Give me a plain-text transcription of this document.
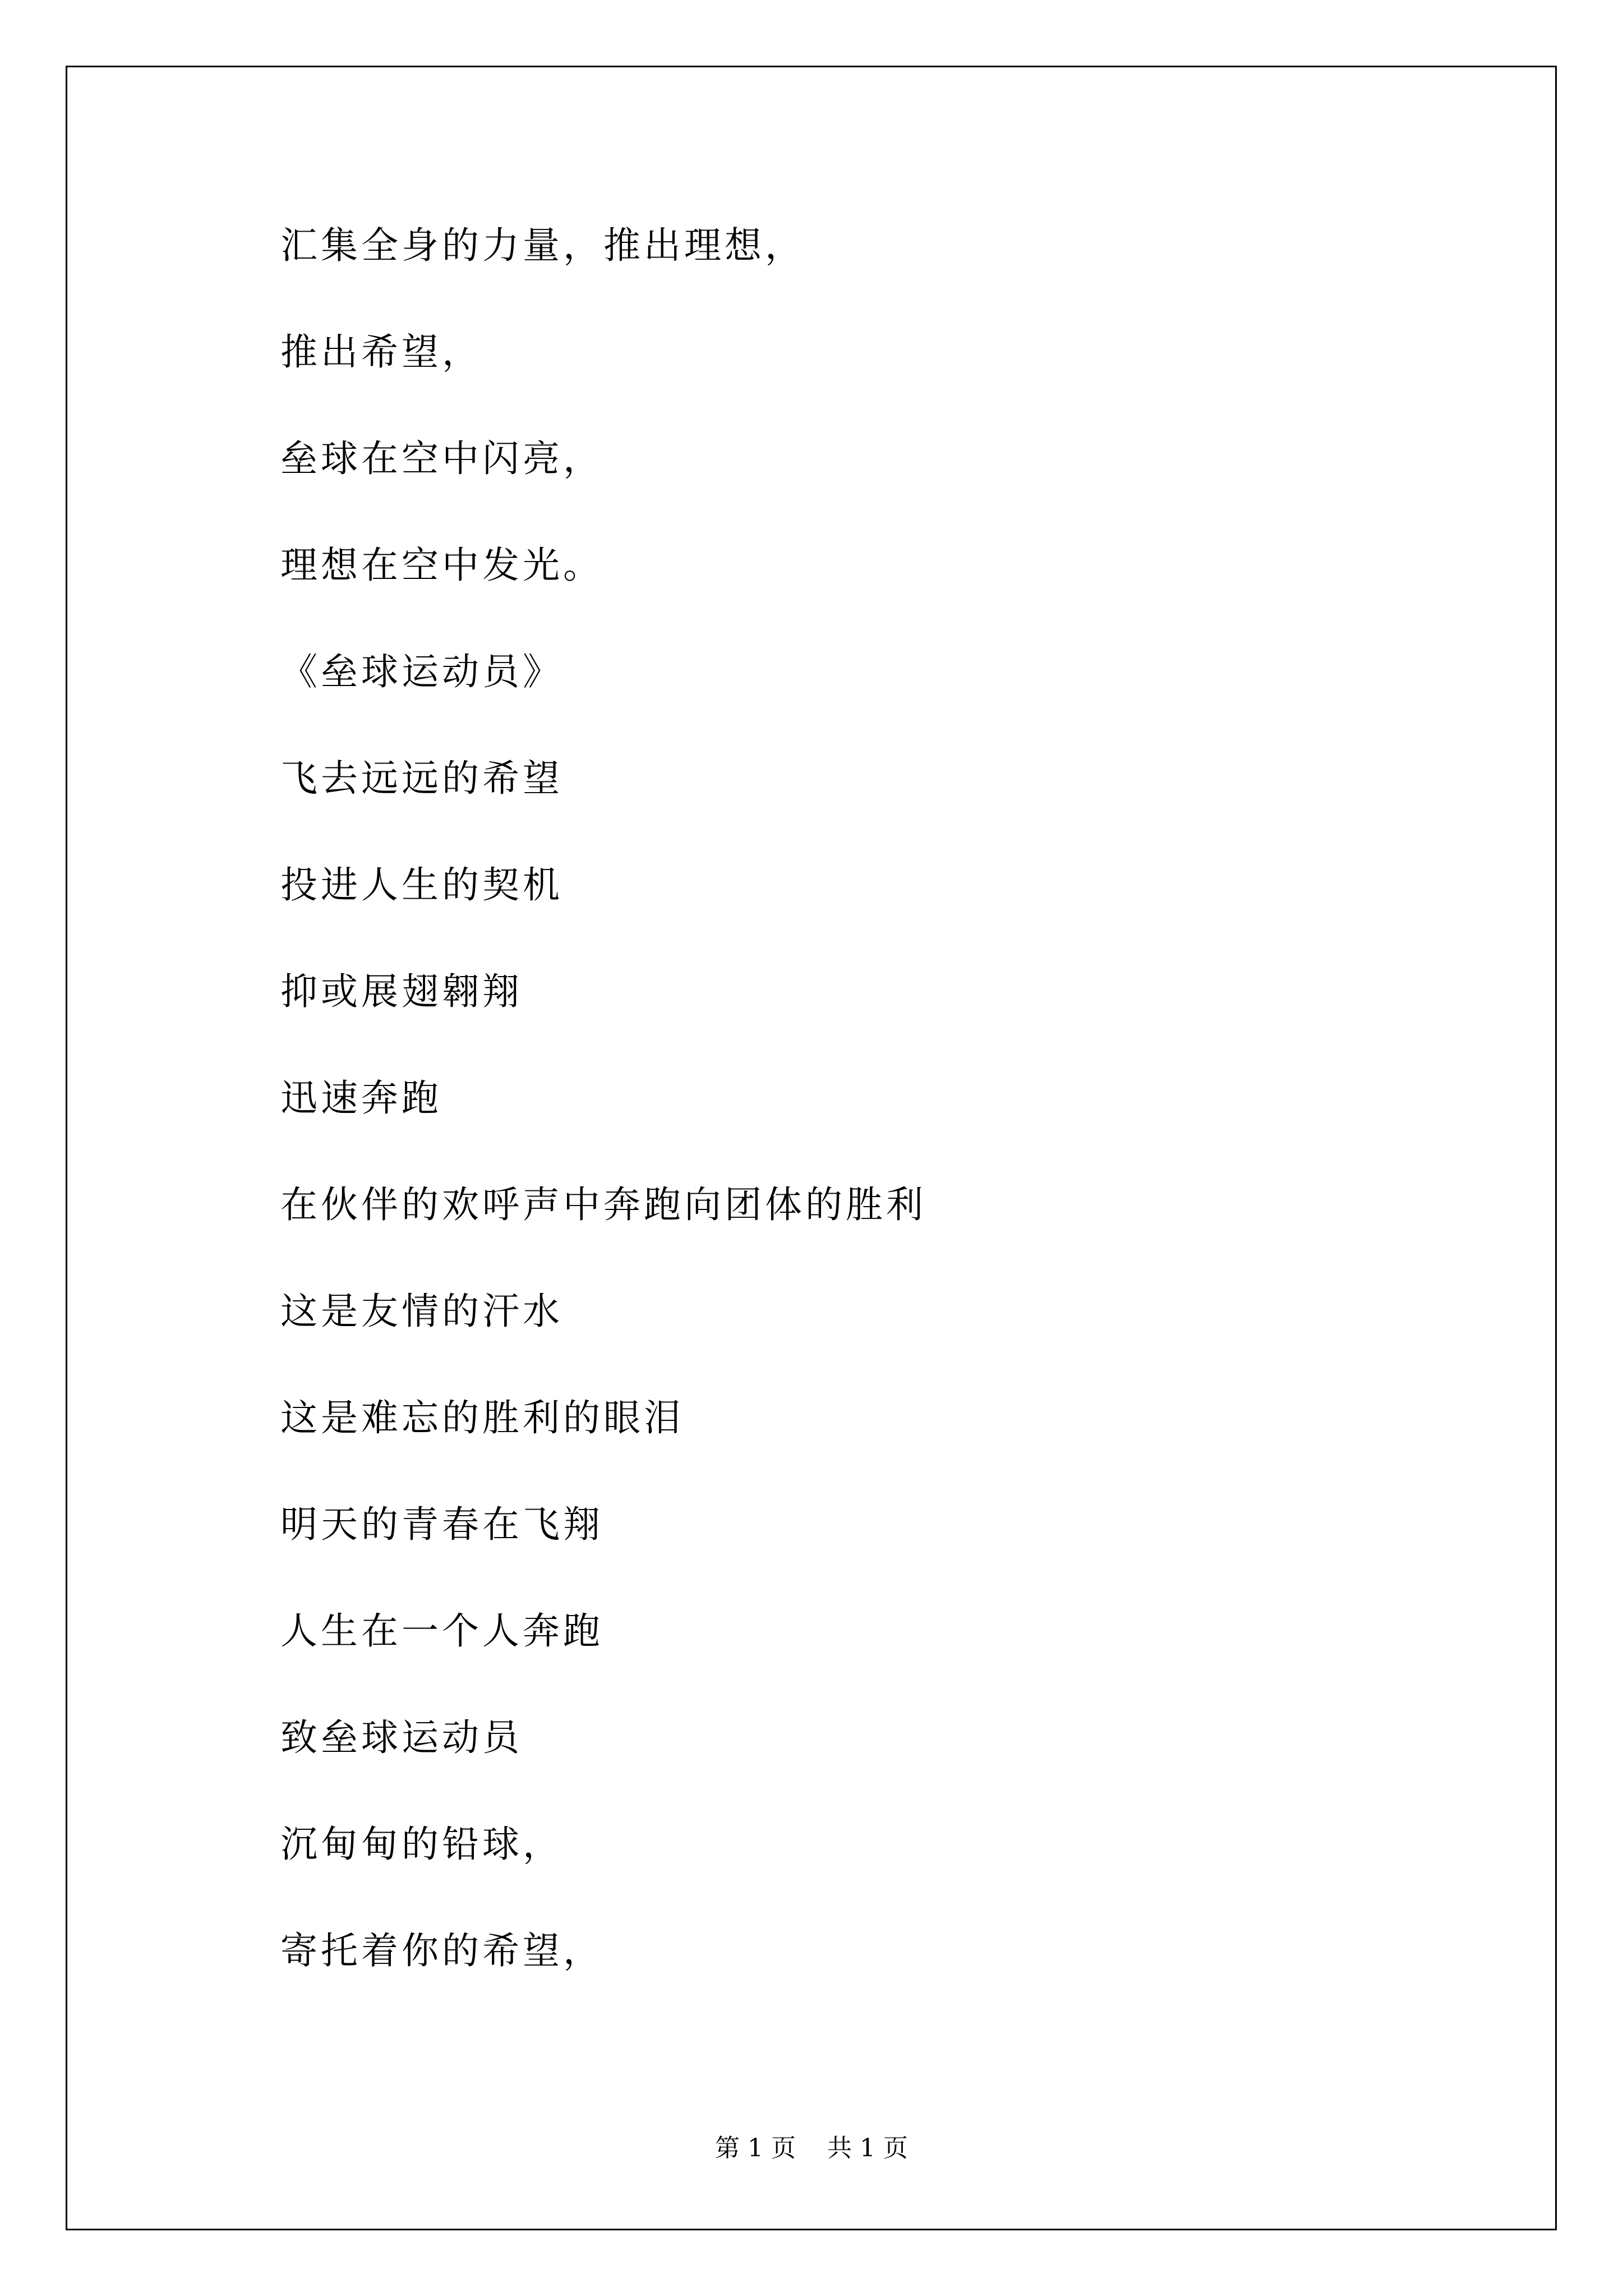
汇集全身的力量，推出理想，
推出希望，
垒球在空中闪亮，
理想在空中发光。
《垒球运动员》
飞去远远的希望
投进人生的契机
抑或展翅翱翔
迅速奔跑
在伙伴的欢呼声中奔跑向团体的胜利
这是友情的汗水
这是难忘的胜利的眼泪
明天的青春在飞翔
人生在一个人奔跑
致垒球运动员
沉甸甸的铅球，
寄托着你的希望，
第 1 页    共 1 页
